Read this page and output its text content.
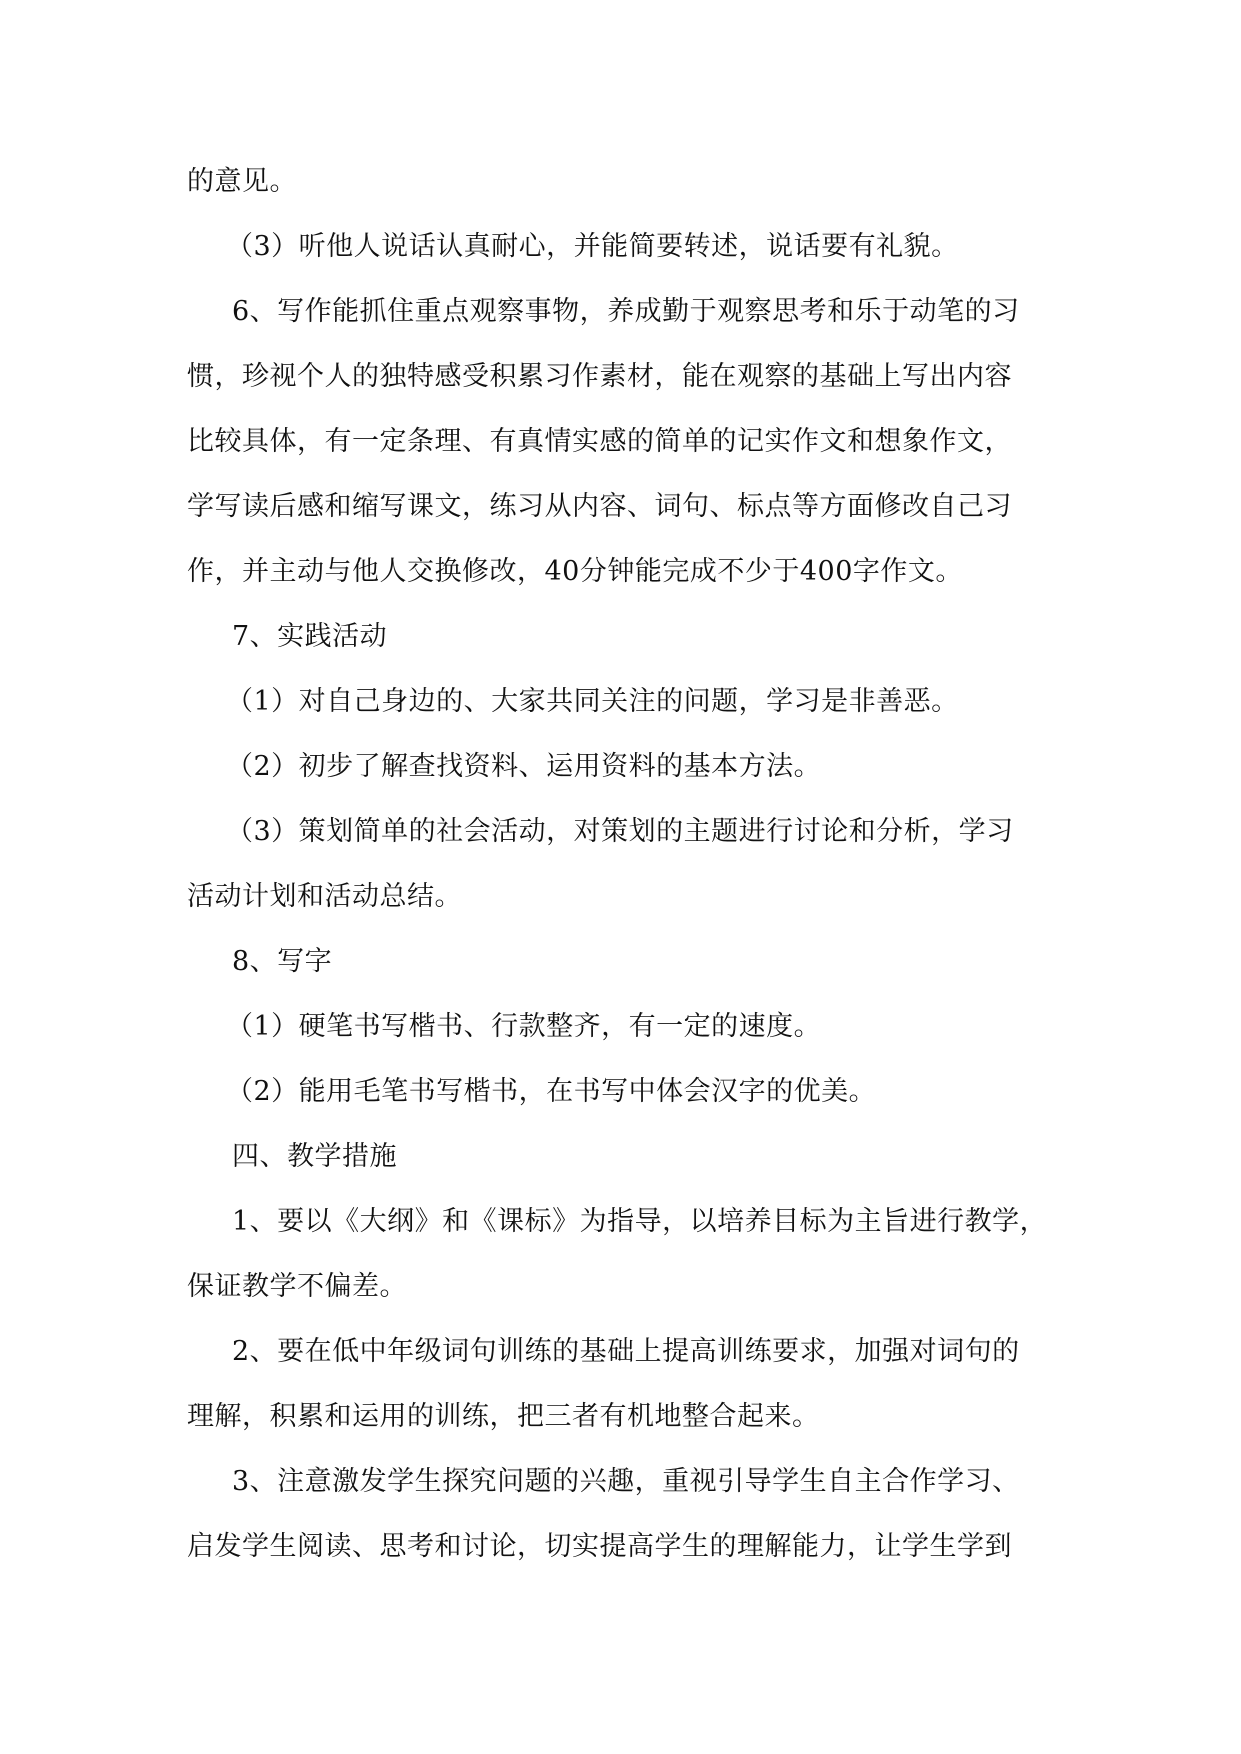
的意见。
（3）听他人说话认真耐心，并能简要转述，说话要有礼貌。
6、写作能抓住重点观察事物，养成勤于观察思考和乐于动笔的习
惯，珍视个人的独特感受积累习作素材，能在观察的基础上写出内容
比较具体，有一定条理、有真情实感的简单的记实作文和想象作文，
学写读后感和缩写课文，练习从内容、词句、标点等方面修改自己习
作，并主动与他人交换修改，40分钟能完成不少于400字作文。
7、实践活动
（1）对自己身边的、大家共同关注的问题，学习是非善恶。
（2）初步了解查找资料、运用资料的基本方法。
（3）策划简单的社会活动，对策划的主题进行讨论和分析，学习
活动计划和活动总结。
8、写字
（1）硬笔书写楷书、行款整齐，有一定的速度。
（2）能用毛笔书写楷书，在书写中体会汉字的优美。
四、教学措施
1、要以《大纲》和《课标》为指导，以培养目标为主旨进行教学，
保证教学不偏差。
2、要在低中年级词句训练的基础上提高训练要求，加强对词句的
理解，积累和运用的训练，把三者有机地整合起来。
3、注意激发学生探究问题的兴趣，重视引导学生自主合作学习、
启发学生阅读、思考和讨论，切实提高学生的理解能力，让学生学到
